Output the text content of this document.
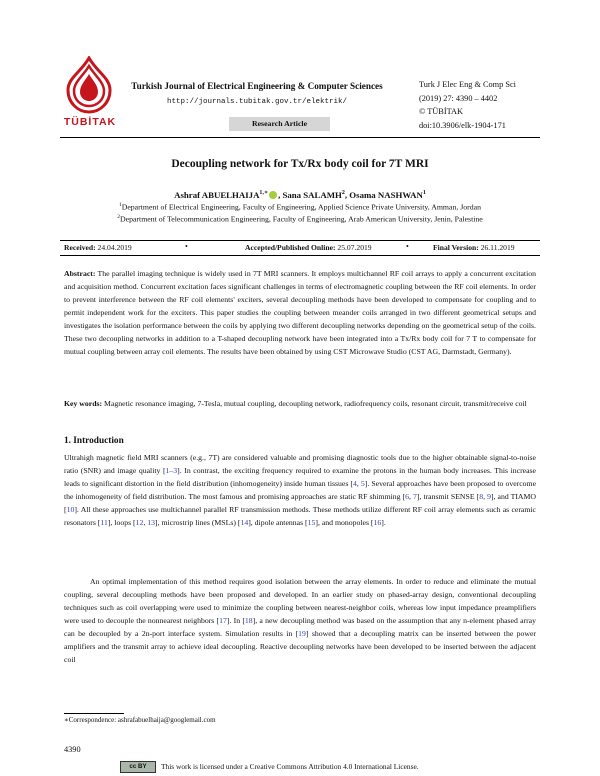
TÜBİTAK
Turkish Journal of Electrical Engineering & Computer Sciences
http://journals.tubitak.gov.tr/elektrik/
Research Article
Turk J Elec Eng & Comp Sci
(2019) 27: 4390 – 4402
© TÜBİTAK
doi:10.3906/elk-1904-171
Decoupling network for Tx/Rx body coil for 7T MRI
Ashraf $ABUELHAIJA^{1,∗}$ , Sana SALAMH$^2$, Osama NASHWAN$^1$
$^1$Department of Electrical Engineering, Faculty of Engineering, Applied Science Private University, Amman, Jordan
$^2$Department of Telecommunication Engineering, Faculty of Engineering, Arab American University, Jenin, Palestine
Received: 24.04.2019	•	Accepted/Published Online: 25.07.2019	•	Final Version: 26.11.2019
Abstract: The parallel imaging technique is widely used in 7T MRI scanners. It employs multichannel RF coil arrays to apply a concurrent excitation and acquisition method. Concurrent excitation faces significant challenges in terms of electromagnetic coupling between the RF coil elements. In order to prevent interference between the RF coil elements' exciters, several decoupling methods have been developed to compensate for coupling and to permit independent work for the exciters. This paper studies the coupling between meander coils arranged in two different geometrical setups and investigates the isolation performance between the coils by applying two different decoupling networks depending on the geometrical setup of the coils. These two decoupling networks in addition to a T-shaped decoupling network have been integrated into a Tx/Rx body coil for 7 T to compensate for mutual coupling between array coil elements. The results have been obtained by using CST Microwave Studio (CST AG, Darmstadt, Germany).
Key words: Magnetic resonance imaging, 7-Tesla, mutual coupling, decoupling network, radiofrequency coils, resonant circuit, transmit/receive coil
1. Introduction
Ultrahigh magnetic field MRI scanners (e.g., 7T) are considered valuable and promising diagnostic tools due to the higher obtainable signal-to-noise ratio (SNR) and image quality [1–3]. In contrast, the exciting frequency required to examine the protons in the human body increases. This increase leads to significant distortion in the field distribution (inhomogeneity) inside human tissues [4, 5]. Several approaches have been proposed to overcome the inhomogeneity of field distribution. The most famous and promising approaches are static RF shimming [6, 7], transmit SENSE [8, 9], and TIAMO [10]. All these approaches use multichannel parallel RF transmission methods. These methods utilize different RF coil array elements such as ceramic resonators [11], loops [12, 13], microstrip lines (MSLs) [14], dipole antennas [15], and monopoles [16].
An optimal implementation of this method requires good isolation between the array elements. In order to reduce and eliminate the mutual coupling, several decoupling methods have been proposed and developed. In an earlier study on phased-array design, conventional decoupling techniques such as coil overlapping were used to minimize the coupling between nearest-neighbor coils, whereas low input impedance preamplifiers were used to decouple the nonnearest neighbors [17]. In [18], a new decoupling method was based on the assumption that any n-element phased array can be decoupled by a 2n-port interface system. Simulation results in [19] showed that a decoupling matrix can be inserted between the power amplifiers and the transmit array to achieve ideal decoupling. Reactive decoupling networks have been developed to be inserted between the adjacent coil
∗Correspondence: ashrafabuelhaija@googlemail.com
4390
cc BY	This work is licensed under a Creative Commons Attribution 4.0 International License.
